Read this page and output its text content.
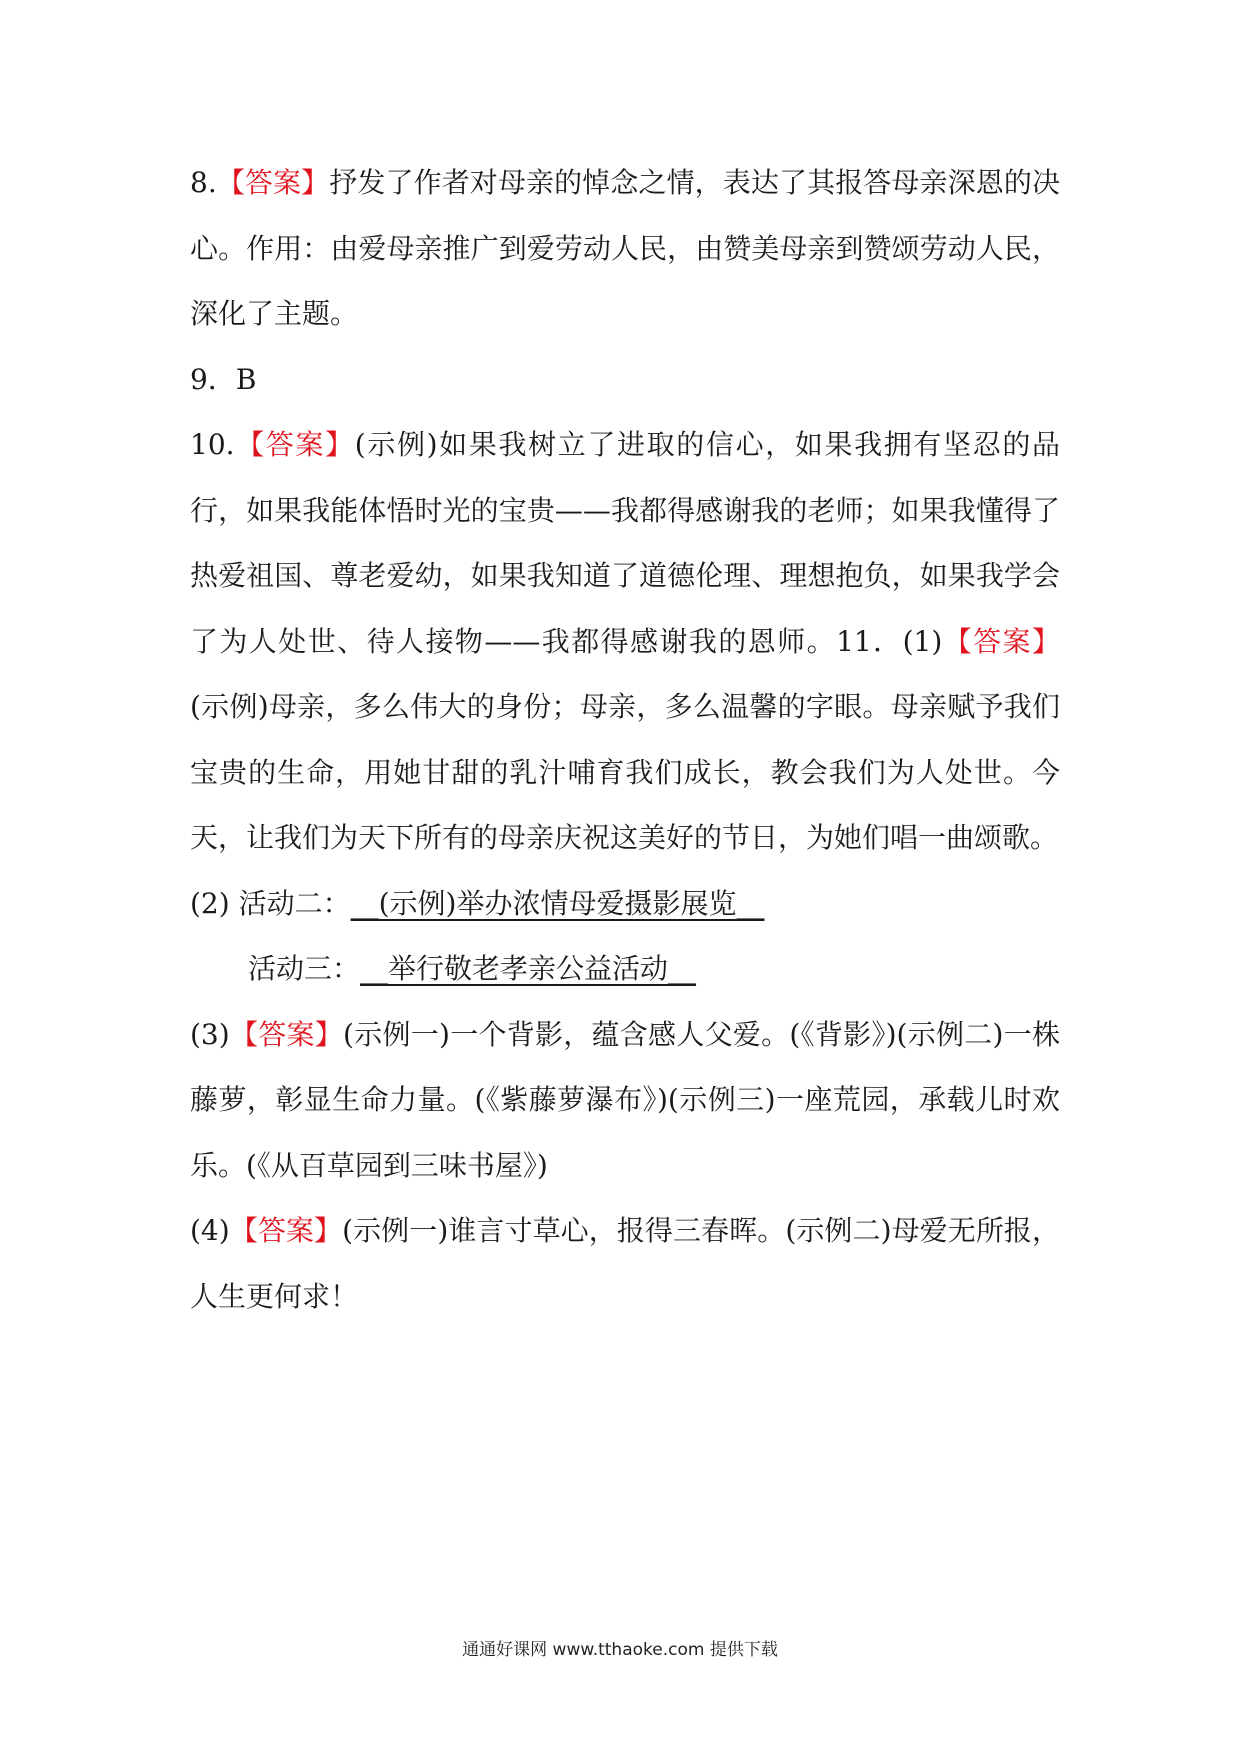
8.【答案】抒发了作者对母亲的悼念之情，表达了其报答母亲深恩的决心。作用：由爱母亲推广到爱劳动人民，由赞美母亲到赞颂劳动人民，深化了主题。

9．B

10.【答案】(示例)如果我树立了进取的信心，如果我拥有坚忍的品行，如果我能体悟时光的宝贵——我都得感谢我的老师；如果我懂得了热爱祖国、尊老爱幼，如果我知道了道德伦理、理想抱负，如果我学会了为人处世、待人接物——我都得感谢我的恩师。11．(1)【答案】(示例)母亲，多么伟大的身份；母亲，多么温馨的字眼。母亲赋予我们宝贵的生命，用她甘甜的乳汁哺育我们成长，教会我们为人处世。今天，让我们为天下所有的母亲庆祝这美好的节日，为她们唱一曲颂歌。

(2) 活动二：__(示例)举办浓情母爱摄影展览__

活动三：__举行敬老孝亲公益活动__

(3)【答案】(示例一)一个背影，蕴含感人父爱。(《背影》)(示例二)一株藤萝，彰显生命力量。(《紫藤萝瀑布》)(示例三)一座荒园，承载儿时欢乐。(《从百草园到三味书屋》)

(4)【答案】(示例一)谁言寸草心，报得三春晖。(示例二)母爱无所报，人生更何求！

通通好课网 www.tthaoke.com 提供下载
